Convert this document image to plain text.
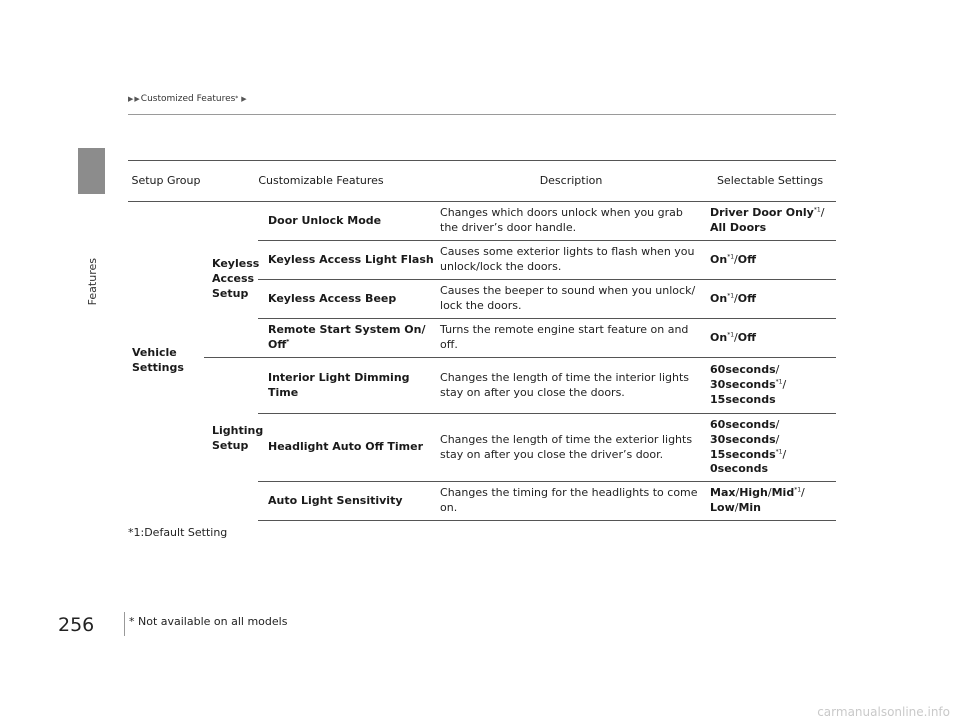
Features
▶ ▶ Customized Features * ▶
Setup Group	Customizable Features		Description	Selectable Settings
Vehicle Settings	Keyless Access Setup	Door Unlock Mode	Changes which doors unlock when you grab the driver’s door handle.	Driver Door Only$^{*1}$/
All Doors
		Keyless Access Light Flash	Causes some exterior lights to flash when you unlock/lock the doors.	On$^{*1}$/Off
		Keyless Access Beep	Causes the beeper to sound when you unlock/ lock the doors.	On$^{*1}$/Off
		Remote Start System On/ Off*	Turns the remote engine start feature on and off.	On$^{*1}$/Off
	Lighting Setup	Interior Light Dimming Time	Changes the length of time the interior lights stay on after you close the doors.	60seconds/
30seconds$^{*1}$/
15seconds
		Headlight Auto Off Timer	Changes the length of time the exterior lights stay on after you close the driver’s door.	60seconds/
30seconds/
15seconds$^{*1}$/
0seconds
		Auto Light Sensitivity	Changes the timing for the headlights to come on.	Max/High/Mid$^{*1}$/
Low/Min
*1:Default Setting
256	* Not available on all models
carmanualsonline.info
